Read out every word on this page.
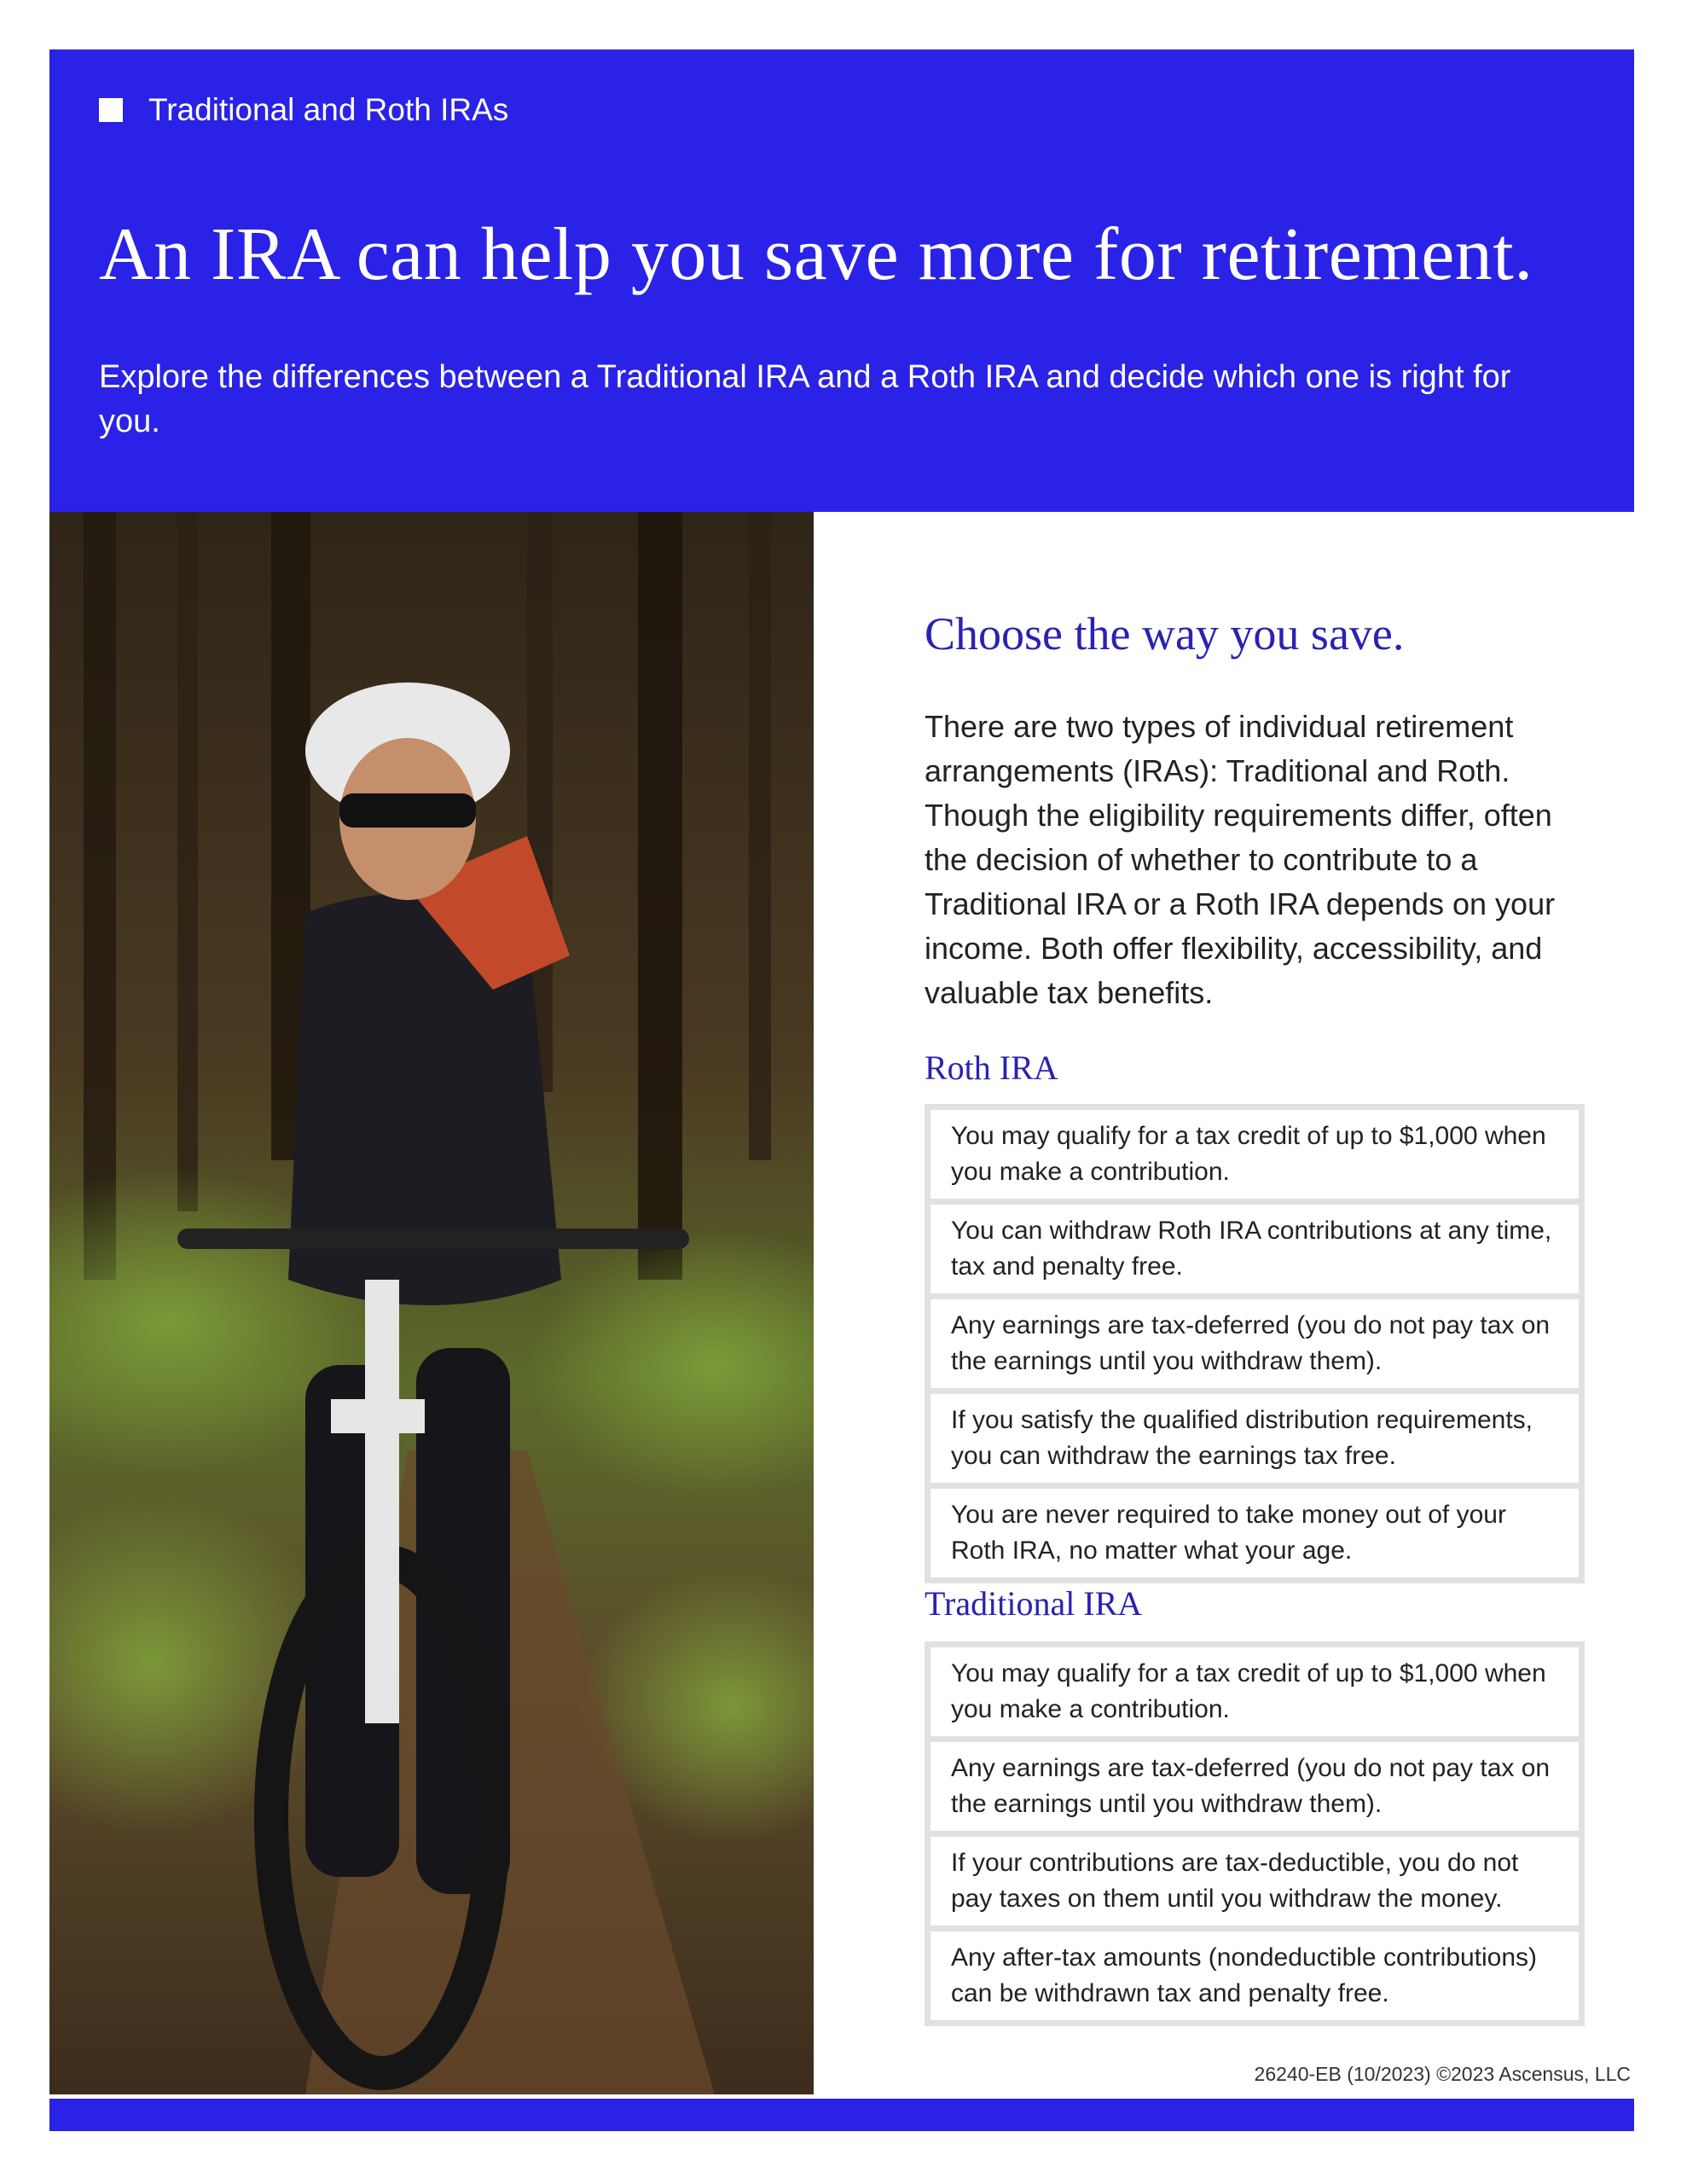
Traditional and Roth IRAs
An IRA can help you save more for retirement.

Explore the differences between a Traditional IRA and a Roth IRA and decide which one is right for you.

Choose the way you save.

There are two types of individual retirement arrangements (IRAs): Traditional and Roth. Though the eligibility requirements differ, often the decision of whether to contribute to a Traditional IRA or a Roth IRA depends on your income. Both offer flexibility, accessibility, and valuable tax benefits.

Roth IRA
You may qualify for a tax credit of up to $1,000 when you make a contribution.
You can withdraw Roth IRA contributions at any time, tax and penalty free.
Any earnings are tax-deferred (you do not pay tax on the earnings until you withdraw them).
If you satisfy the qualified distribution requirements, you can withdraw the earnings tax free.
You are never required to take money out of your Roth IRA, no matter what your age.
Traditional IRA
You may qualify for a tax credit of up to $1,000 when you make a contribution.
Any earnings are tax-deferred (you do not pay tax on the earnings until you withdraw them).
If your contributions are tax-deductible, you do not pay taxes on them until you withdraw the money.
Any after-tax amounts (nondeductible contributions) can be withdrawn tax and penalty free.
26240-EB (10/2023) ©2023 Ascensus, LLC
